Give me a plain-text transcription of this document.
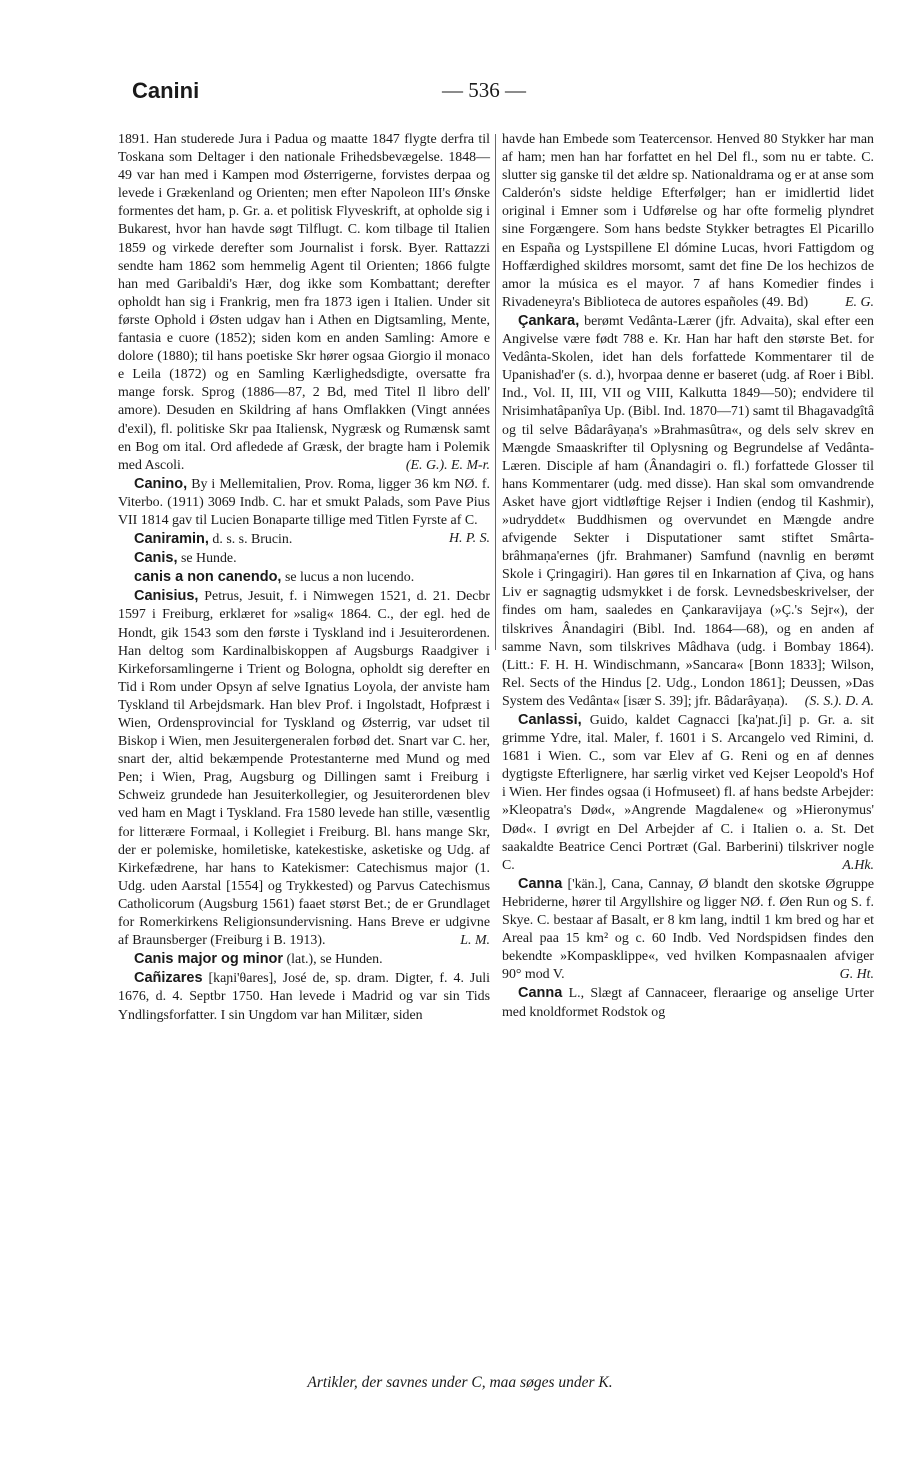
Canini	— 536 —

1891. Han studerede Jura i Padua og maatte 1847 flygte derfra til Toskana som Deltager i den nationale Frihedsbevægelse. 1848—49 var han med i Kampen mod Østerrigerne, forvistes derpaa og levede i Grækenland og Orienten; men efter Napoleon III's Ønske formentes det ham, p. Gr. a. et politisk Flyveskrift, at opholde sig i Bukarest, hvor han havde søgt Tilflugt. C. kom tilbage til Italien 1859 og virkede derefter som Journalist i forsk. Byer. Rattazzi sendte ham 1862 som hemmelig Agent til Orienten; 1866 fulgte han med Garibaldi's Hær, dog ikke som Kombattant; derefter opholdt han sig i Frankrig, men fra 1873 igen i Italien. Under sit første Ophold i Østen udgav han i Athen en Digtsamling, Mente, fantasia e cuore (1852); siden kom en anden Samling: Amore e dolore (1880); til hans poetiske Skr hører ogsaa Giorgio il monaco e Leila (1872) og en Samling Kærlighedsdigte, oversatte fra mange forsk. Sprog (1886—87, 2 Bd, med Titel Il libro dell' amore). Desuden en Skildring af hans Omflakken (Vingt années d'exil), fl. politiske Skr paa Italiensk, Nygræsk og Rumænsk samt en Bog om ital. Ord afledede af Græsk, der bragte ham i Polemik med Ascoli.	(E. G.). E. M-r.

Canino, By i Mellemitalien, Prov. Roma, ligger 36 km NØ. f. Viterbo. (1911) 3069 Indb. C. har et smukt Palads, som Pave Pius VII 1814 gav til Lucien Bonaparte tillige med Titlen Fyrste af C.
H. P. S.

Caniramin, d. s. s. Brucin.

Canis, se Hunde.

canis a non canendo, se lucus a non lucendo.

Canisius, Petrus, Jesuit, f. i Nimwegen 1521, d. 21. Decbr 1597 i Freiburg, erklæret for »salig« 1864. C., der egl. hed de Hondt, gik 1543 som den første i Tyskland ind i Jesuiterordenen. Han deltog som Kardinalbiskoppen af Augsburgs Raadgiver i Kirkeforsamlingerne i Trient og Bologna, opholdt sig derefter en Tid i Rom under Opsyn af selve Ignatius Loyola, der anviste ham Tyskland til Arbejdsmark. Han blev Prof. i Ingolstadt, Hofpræst i Wien, Ordensprovincial for Tyskland og Østerrig, var udset til Biskop i Wien, men Jesuitergeneralen forbød det. Snart var C. her, snart der, altid bekæmpende Protestanterne med Mund og med Pen; i Wien, Prag, Augsburg og Dillingen samt i Freiburg i Schweiz grundede han Jesuiterkollegier, og Jesuiterordenen blev ved ham en Magt i Tyskland. Fra 1580 levede han stille, væsentlig for litterære Formaal, i Kollegiet i Freiburg. Bl. hans mange Skr, der er polemiske, homiletiske, katekestiske, asketiske og Udg. af Kirkefædrene, har hans to Katekismer: Catechismus major (1. Udg. uden Aarstal [1554] og Trykkested) og Parvus Catechismus Catholicorum (Augsburg 1561) faaet størst Bet.; de er Grundlaget for Romerkirkens Religionsundervisning. Hans Breve er udgivne af Braunsberger (Freiburg i B. 1913).	L. M.

Canis major og minor (lat.), se Hunden.

Cañizares [kaɲi'θares], José de, sp. dram. Digter, f. 4. Juli 1676, d. 4. Septbr 1750. Han levede i Madrid og var sin Tids Yndlingsforfatter. I sin Ungdom var han Militær, siden

havde han Embede som Teatercensor. Henved 80 Stykker har man af ham; men han har forfattet en hel Del fl., som nu er tabte. C. slutter sig ganske til det ældre sp. Nationaldrama og er at anse som Calderón's sidste heldige Efterfølger; han er imidlertid lidet original i Emner som i Udførelse og har ofte formelig plyndret sine Forgængere. Som hans bedste Stykker betragtes El Picarillo en España og Lystspillene El dómine Lucas, hvori Fattigdom og Hoffærdighed skildres morsomt, samt det fine De los hechizos de amor la música es el mayor. 7 af hans Komedier findes i Rivadeneyra's Biblioteca de autores españoles (49. Bd)	E. G.

Çankara, berømt Vedânta-Lærer (jfr. Advaita), skal efter een Angivelse være født 788 e. Kr. Han har haft den største Bet. for Vedânta-Skolen, idet han dels forfattede Kommentarer til de Upanishad'er (s. d.), hvorpaa denne er baseret (udg. af Roer i Bibl. Ind., Vol. II, III, VII og VIII, Kalkutta 1849—50); endvidere til Nrisimhatâpanîya Up. (Bibl. Ind. 1870—71) samt til Bhagavadgîtâ og til selve Bâdarâyaṇa's »Brahmasûtra«, og dels selv skrev en Mængde Smaaskrifter til Oplysning og Begrundelse af Vedânta-Læren. Disciple af ham (Ânandagiri o. fl.) forfattede Glosser til hans Kommentarer (udg. med disse). Han skal som omvandrende Asket have gjort vidtløftige Rejser i Indien (endog til Kashmir), »udryddet« Buddhismen og overvundet en Mængde andre afvigende Sekter i Disputationer samt stiftet Smârta-brâhmaṇa'ernes (jfr. Brahmaner) Samfund (navnlig en berømt Skole i Çringagiri). Han gøres til en Inkarnation af Çiva, og hans Liv er sagnagtig udsmykket i de forsk. Levnedsbeskrivelser, der findes om ham, saaledes en Çankaravijaya (»Ç.'s Sejr«), der tilskrives Ânandagiri (Bibl. Ind. 1864—68), og en anden af samme Navn, som tilskrives Mâdhava (udg. i Bombay 1864). (Litt.: F. H. H. Windischmann, »Sancara« [Bonn 1833]; Wilson, Rel. Sects of the Hindus [2. Udg., London 1861]; Deussen, »Das System des Vedânta« [især S. 39]; jfr. Bâdarâyaṇa).	(S. S.). D. A.

Canlassi, Guido, kaldet Cagnacci [ka'ɲat.ʃi] p. Gr. a. sit grimme Ydre, ital. Maler, f. 1601 i S. Arcangelo ved Rimini, d. 1681 i Wien. C., som var Elev af G. Reni og en af dennes dygtigste Efterlignere, har særlig virket ved Kejser Leopold's Hof i Wien. Her findes ogsaa (i Hofmuseet) fl. af hans bedste Arbejder: »Kleopatra's Død«, »Angrende Magdalene« og »Hieronymus' Død«. I øvrigt en Del Arbejder af C. i Italien o. a. St. Det saakaldte Beatrice Cenci Portræt (Gal. Barberini) tilskriver nogle C.	A.Hk.

Canna ['kän.], Cana, Cannay, Ø blandt den skotske Øgruppe Hebriderne, hører til Argyllshire og ligger NØ. f. Øen Run og S. f. Skye. C. bestaar af Basalt, er 8 km lang, indtil 1 km bred og har et Areal paa 15 km² og c. 60 Indb. Ved Nordspidsen findes den bekendte »Kompasklippe«, ved hvilken Kompasnaalen afviger 90° mod V.	G. Ht.

Canna L., Slægt af Cannaceer, fleraarige og anselige Urter med knoldformet Rodstok og

Artikler, der savnes under C, maa søges under K.
